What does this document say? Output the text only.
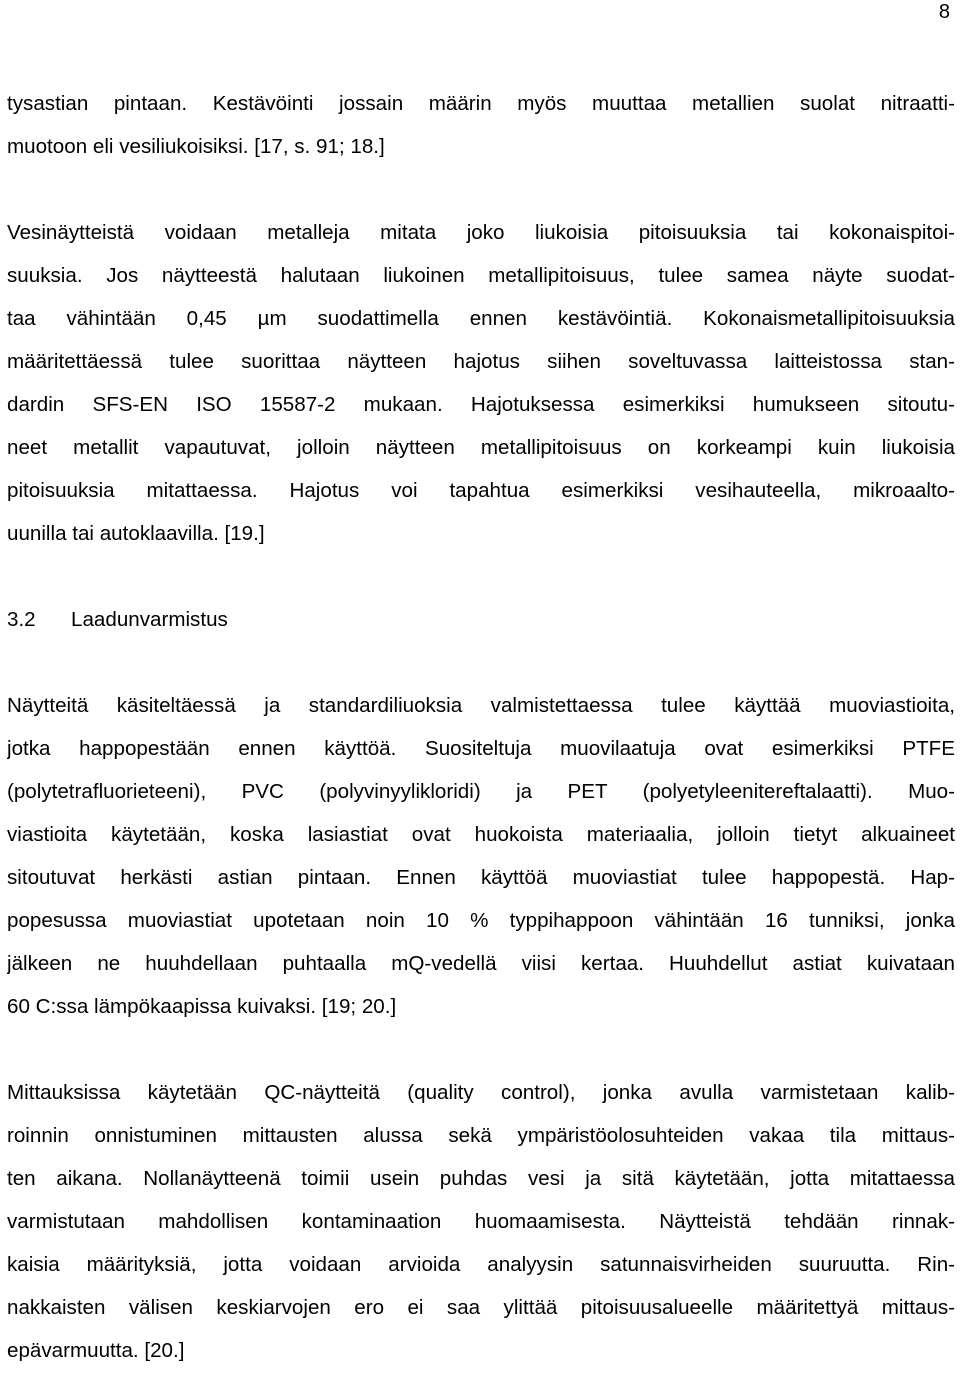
8
tysastian pintaan. Kestävöinti jossain määrin myös muuttaa metallien suolat nitraatti-
muotoon eli vesiliukoisiksi. [17, s. 91; 18.]
Vesinäytteistä voidaan metalleja mitata joko liukoisia pitoisuuksia tai kokonaispitoi-
suuksia. Jos näytteestä halutaan liukoinen metallipitoisuus, tulee samea näyte suodat-
taa vähintään 0,45 µm suodattimella ennen kestävöintiä. Kokonaismetallipitoisuuksia
määritettäessä tulee suorittaa näytteen hajotus siihen soveltuvassa laitteistossa stan-
dardin SFS-EN ISO 15587-2 mukaan. Hajotuksessa esimerkiksi humukseen sitoutu-
neet metallit vapautuvat, jolloin näytteen metallipitoisuus on korkeampi kuin liukoisia
pitoisuuksia mitattaessa. Hajotus voi tapahtua esimerkiksi vesihauteella, mikroaalto-
uunilla tai autoklaavilla. [19.]
3.2 Laadunvarmistus
Näytteitä käsiteltäessä ja standardiliuoksia valmistettaessa tulee käyttää muoviastioita,
jotka happopestään ennen käyttöä. Suositeltuja muovilaatuja ovat esimerkiksi PTFE
(polytetrafluorieteeni), PVC (polyvinyylikloridi) ja PET (polyetyleenitereftalaatti). Muo-
viastioita käytetään, koska lasiastiat ovat huokoista materiaalia, jolloin tietyt alkuaineet
sitoutuvat herkästi astian pintaan. Ennen käyttöä muoviastiat tulee happopestä. Hap-
popesussa muoviastiat upotetaan noin 10 % typpihappoon vähintään 16 tunniksi, jonka
jälkeen ne huuhdellaan puhtaalla mQ-vedellä viisi kertaa. Huuhdellut astiat kuivataan
60 C:ssa lämpökaapissa kuivaksi. [19; 20.]
Mittauksissa käytetään QC-näytteitä (quality control), jonka avulla varmistetaan kalib-
roinnin onnistuminen mittausten alussa sekä ympäristöolosuhteiden vakaa tila mittaus-
ten aikana. Nollanäytteenä toimii usein puhdas vesi ja sitä käytetään, jotta mitattaessa
varmistutaan mahdollisen kontaminaation huomaamisesta. Näytteistä tehdään rinnak-
kaisia määrityksiä, jotta voidaan arvioida analyysin satunnaisvirheiden suuruutta. Rin-
nakkaisten välisen keskiarvojen ero ei saa ylittää pitoisuusalueelle määritettyä mittaus-
epävarmuutta. [20.]
